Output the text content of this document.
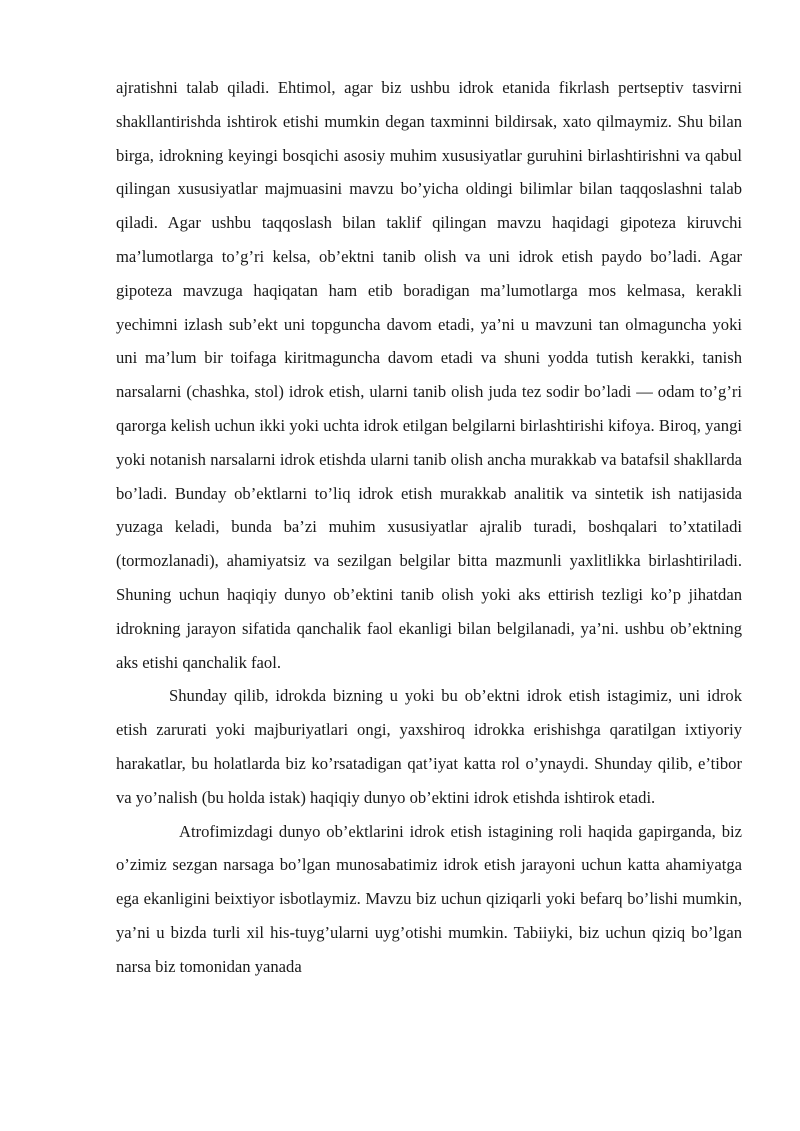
ajratishni talab qiladi. Ehtimol, agar biz ushbu idrok etanida fikrlash pertseptiv tasvirni shakllantirishda ishtirok etishi mumkin degan taxminni bildirsak, xato qilmaymiz. Shu bilan birga, idrokning keyingi bosqichi asosiy muhim xususiyatlar guruhini birlashtirishni va qabul qilingan xususiyatlar majmuasini mavzu bo’yicha oldingi bilimlar bilan taqqoslashni talab qiladi. Agar ushbu taqqoslash bilan taklif qilingan mavzu haqidagi gipoteza kiruvchi ma’lumotlarga to’g’ri kelsa, ob’ektni tanib olish va uni idrok etish paydo bo’ladi. Agar gipoteza mavzuga haqiqatan ham etib boradigan ma’lumotlarga mos kelmasa, kerakli yechimni izlash sub’ekt uni topguncha davom etadi, ya’ni u mavzuni tan olmaguncha yoki uni ma’lum bir toifaga kiritmaguncha davom etadi va shuni yodda tutish kerakki, tanish narsalarni (chashka, stol) idrok etish, ularni tanib olish juda tez sodir bo’ladi — odam to’g’ri qarorga kelish uchun ikki yoki uchta idrok etilgan belgilarni birlashtirishi kifoya. Biroq, yangi yoki notanish narsalarni idrok etishda ularni tanib olish ancha murakkab va batafsil shakllarda bo’ladi. Bunday ob’ektlarni to’liq idrok etish murakkab analitik va sintetik ish natijasida yuzaga keladi, bunda ba’zi muhim xususiyatlar ajralib turadi, boshqalari to’xtatiladi (tormozlanadi), ahamiyatsiz va sezilgan belgilar bitta mazmunli yaxlitlikka birlashtiriladi. Shuning uchun haqiqiy dunyo ob’ektini tanib olish yoki aks ettirish tezligi ko’p jihatdan idrokning jarayon sifatida qanchalik faol ekanligi bilan belgilanadi, ya’ni. ushbu ob’ektning aks etishi qanchalik faol.

Shunday qilib, idrokda bizning u yoki bu ob’ektni idrok etish istagimiz, uni idrok etish zarurati yoki majburiyatlari ongi, yaxshiroq idrokka erishishga qaratilgan ixtiyoriy harakatlar, bu holatlarda biz ko’rsatadigan qat’iyat katta rol o’ynaydi. Shunday qilib, e’tibor va yo’nalish (bu holda istak) haqiqiy dunyo ob’ektini idrok etishda ishtirok etadi.

Atrofimizdagi dunyo ob’ektlarini idrok etish istagining roli haqida gapirganda, biz o’zimiz sezgan narsaga bo’lgan munosabatimiz idrok etish jarayoni uchun katta ahamiyatga ega ekanligini beixtiyor isbotlaymiz. Mavzu biz uchun qiziqarli yoki befarq bo’lishi mumkin, ya’ni u bizda turli xil his-tuyg’ularni uyg’otishi mumkin. Tabiiyki, biz uchun qiziq bo’lgan narsa biz tomonidan yanada
